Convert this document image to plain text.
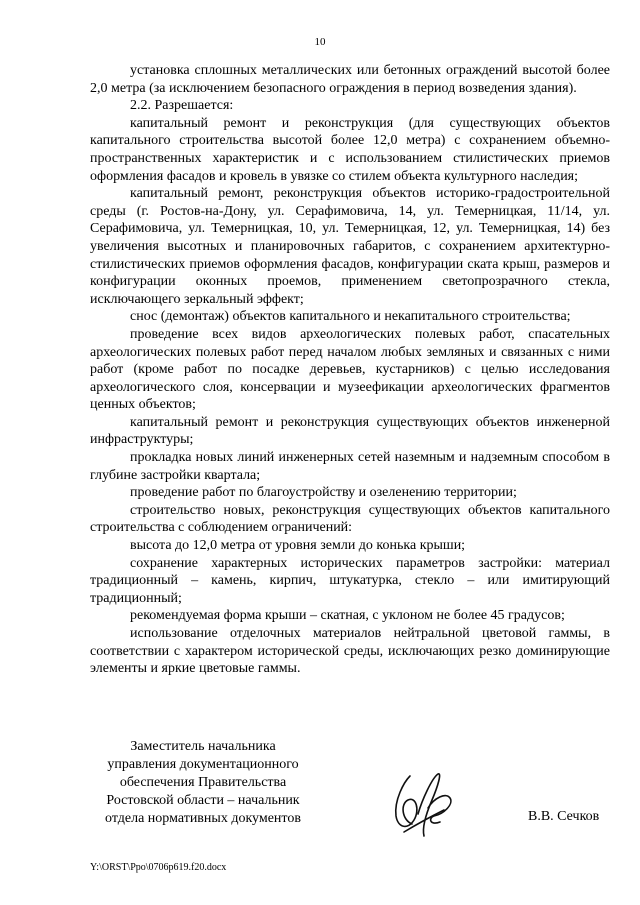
10

установка сплошных металлических или бетонных ограждений высотой более 2,0 метра (за исключением безопасного ограждения в период возведения здания).

2.2. Разрешается:

капитальный ремонт и реконструкция (для существующих объектов капитального строительства высотой более 12,0 метра) с сохранением объемно-пространственных характеристик и с использованием стилистических приемов оформления фасадов и кровель в увязке со стилем объекта культурного наследия;

капитальный ремонт, реконструкция объектов историко-градостроительной среды (г. Ростов-на-Дону, ул. Серафимовича, 14, ул. Темерницкая, 11/14, ул. Серафимовича, ул. Темерницкая, 10, ул. Темерницкая, 12, ул. Темерницкая, 14) без увеличения высотных и планировочных габаритов, с сохранением архитектурно-стилистических приемов оформления фасадов, конфигурации ската крыш, размеров и конфигурации оконных проемов, применением светопрозрачного стекла, исключающего зеркальный эффект;

снос (демонтаж) объектов капитального и некапитального строительства;

проведение всех видов археологических полевых работ, спасательных археологических полевых работ перед началом любых земляных и связанных с ними работ (кроме работ по посадке деревьев, кустарников) с целью исследования археологического слоя, консервации и музеефикации археологических фрагментов ценных объектов;

капитальный ремонт и реконструкция существующих объектов инженерной инфраструктуры;

прокладка новых линий инженерных сетей наземным и надземным способом в глубине застройки квартала;

проведение работ по благоустройству и озеленению территории;

строительство новых, реконструкция существующих объектов капитального строительства с соблюдением ограничений:

высота до 12,0 метра от уровня земли до конька крыши;

сохранение характерных исторических параметров застройки: материал традиционный – камень, кирпич, штукатурка, стекло – или имитирующий традиционный;

рекомендуемая форма крыши – скатная, с уклоном не более 45 градусов;

использование отделочных материалов нейтральной цветовой гаммы, в соответствии с характером исторической среды, исключающих резко доминирующие элементы и яркие цветовые гаммы.

Заместитель начальника
управления документационного
обеспечения Правительства
Ростовской области – начальник
отдела нормативных документов	В.В. Сечков
Y:\ORST\Ppo\0706p619.f20.docx
